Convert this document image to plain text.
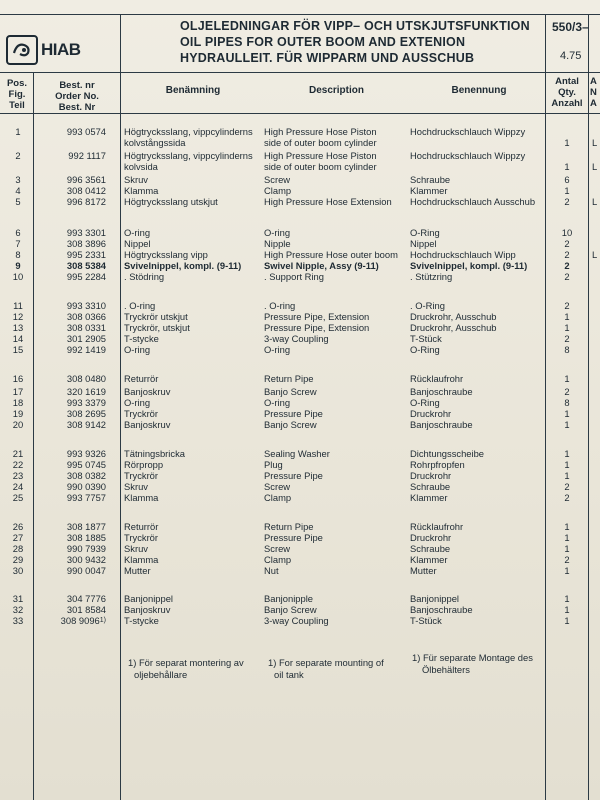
HIAB
OLJELEDNINGAR FÖR VIPP– OCH UTSKJUTSFUNKTION
OIL PIPES FOR OUTER BOOM AND EXTENION
HYDRAULLEIT. FÜR WIPPARM UND AUSSCHUB
550/3–
4.75
Pos.
Fig.
Teil
Best. nr
Order No.
Best. Nr
Benämning	Description	Benennung
Antal
Qty.
Anzahl
A
N
A
1	993 0574 Högtrycksslang, vippcylinderns	High Pressure Hose Piston	Hochdruckschlauch Wippzy
kolvstångssida	side of outer boom cylinder	1	L
2	992 1117 Högtrycksslang, vippcylinderns	High Pressure Hose Piston	Hochdruckschlauch Wippzy
kolvsida	side of outer boom cylinder	1	L
3	996 3561 Skruv	Screw	Schraube	6
4	308 0412 Klamma	Clamp	Klammer	1
5	996 8172 Högtrycksslang utskjut	High Pressure Hose Extension	Hochdruckschlauch Ausschub	2	L
6	993 3301 O-ring	O-ring	O-Ring	10
7	308 3896 Nippel	Nipple	Nippel	2
8	995 2331 Högtrycksslang vipp	High Pressure Hose outer boom	Hochdruckschlauch Wipp	2	L
9	308 5384 Svivelnippel, kompl. (9-11)	Swivel Nipple, Assy (9-11)	Svivelnippel, kompl. (9-11)	2
10	995 2284 . Stödring	. Support Ring	. Stützring	2
11	993 3310 . O-ring	. O-ring	. O-Ring	2
12	308 0366 Tryckrör utskjut	Pressure Pipe, Extension	Druckrohr, Ausschub	1
13	308 0331 Tryckrör, utskjut	Pressure Pipe, Extension	Druckrohr, Ausschub	1
14	301 2905 T-stycke	3-way Coupling	T-Stück	2
15	992 1419 O-ring	O-ring	O-Ring	8
16	308 0480 Returrör	Return Pipe	Rücklaufrohr	1
17	320 1619 Banjoskruv	Banjo Screw	Banjoschraube	2
18	993 3379 O-ring	O-ring	O-Ring	8
19	308 2695 Tryckrör	Pressure Pipe	Druckrohr	1
20	308 9142 Banjoskruv	Banjo Screw	Banjoschraube	1
21	993 9326 Tätningsbricka	Sealing Washer	Dichtungsscheibe	1
22	995 0745 Rörpropp	Plug	Rohrpfropfen	1
23	308 0382 Tryckrör	Pressure Pipe	Druckrohr	1
24	990 0390 Skruv	Screw	Schraube	2
25	993 7757 Klamma	Clamp	Klammer	2
26	308 1877 Returrör	Return Pipe	Rücklaufrohr	1
27	308 1885 Tryckrör	Pressure Pipe	Druckrohr	1
28	990 7939 Skruv	Screw	Schraube	1
29	300 9432 Klamma	Clamp	Klammer	2
30	990 0047 Mutter	Nut	Mutter	1
31	304 7776 Banjonippel	Banjonipple	Banjonippel	1
32	301 8584 Banjoskruv	Banjo Screw	Banjoschraube	1
33	308 9096$^{1)}$ T-stycke	3-way Coupling	T-Stück	1
1) För separat montering av
oljebehållare
1) For separate mounting of
oil tank
1) Für separate Montage des
Ölbehälters
